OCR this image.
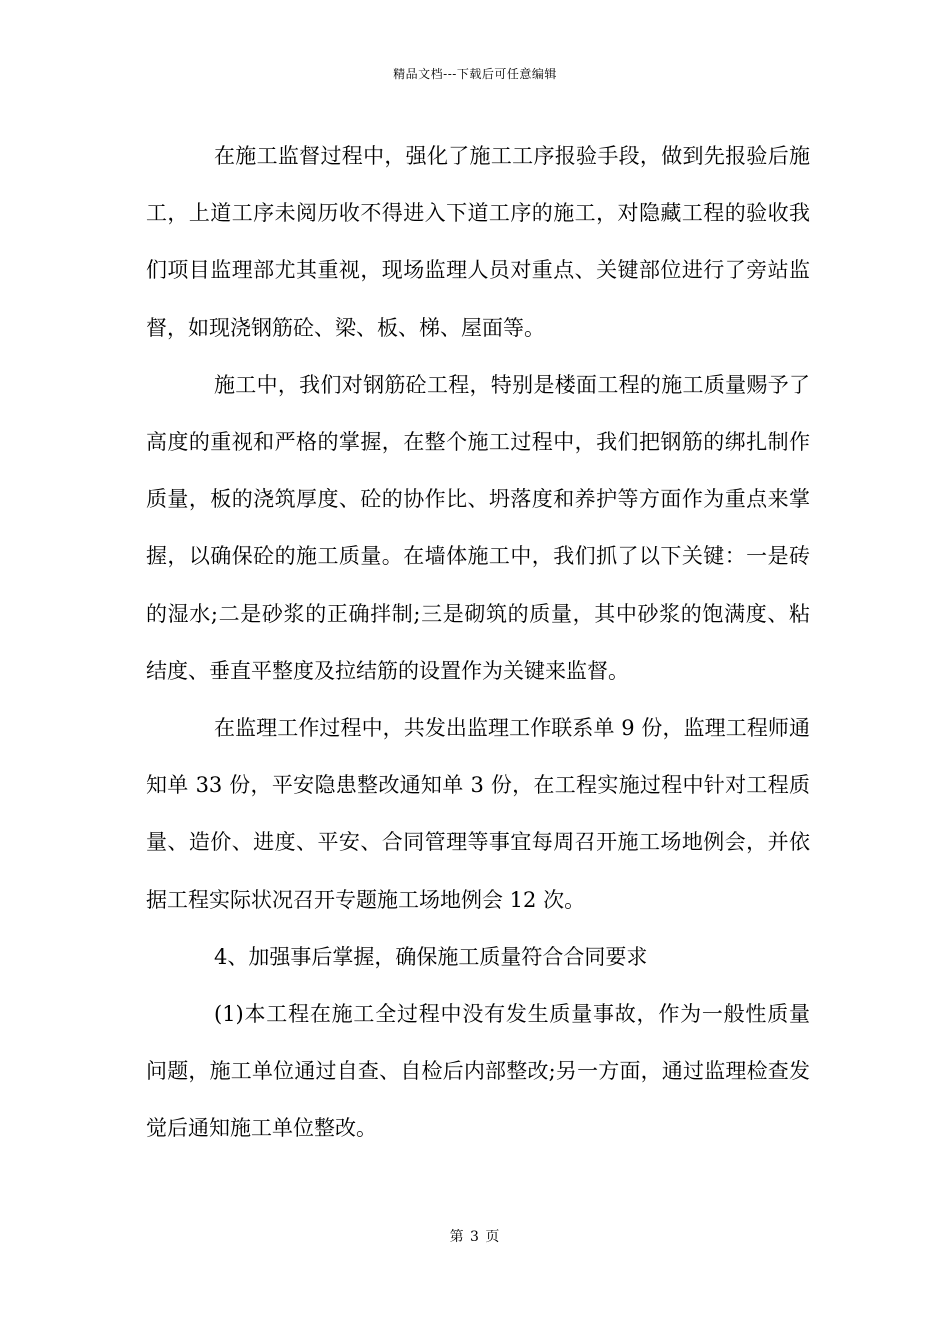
精品文档---下载后可任意编辑

在施工监督过程中，强化了施工工序报验手段，做到先报验后施工，上道工序未阅历收不得进入下道工序的施工，对隐藏工程的验收我们项目监理部尤其重视，现场监理人员对重点、关键部位进行了旁站监督，如现浇钢筋砼、梁、板、梯、屋面等。

施工中，我们对钢筋砼工程，特别是楼面工程的施工质量赐予了高度的重视和严格的掌握，在整个施工过程中，我们把钢筋的绑扎制作质量，板的浇筑厚度、砼的协作比、坍落度和养护等方面作为重点来掌握，以确保砼的施工质量。在墙体施工中，我们抓了以下关键：一是砖的湿水;二是砂浆的正确拌制;三是砌筑的质量，其中砂浆的饱满度、粘结度、垂直平整度及拉结筋的设置作为关键来监督。

在监理工作过程中，共发出监理工作联系单 9 份，监理工程师通知单 33 份，平安隐患整改通知单 3 份，在工程实施过程中针对工程质量、造价、进度、平安、合同管理等事宜每周召开施工场地例会，并依据工程实际状况召开专题施工场地例会 12 次。

4、加强事后掌握，确保施工质量符合合同要求

(1)本工程在施工全过程中没有发生质量事故，作为一般性质量问题，施工单位通过自查、自检后内部整改;另一方面，通过监理检查发觉后通知施工单位整改。

第 3 页
